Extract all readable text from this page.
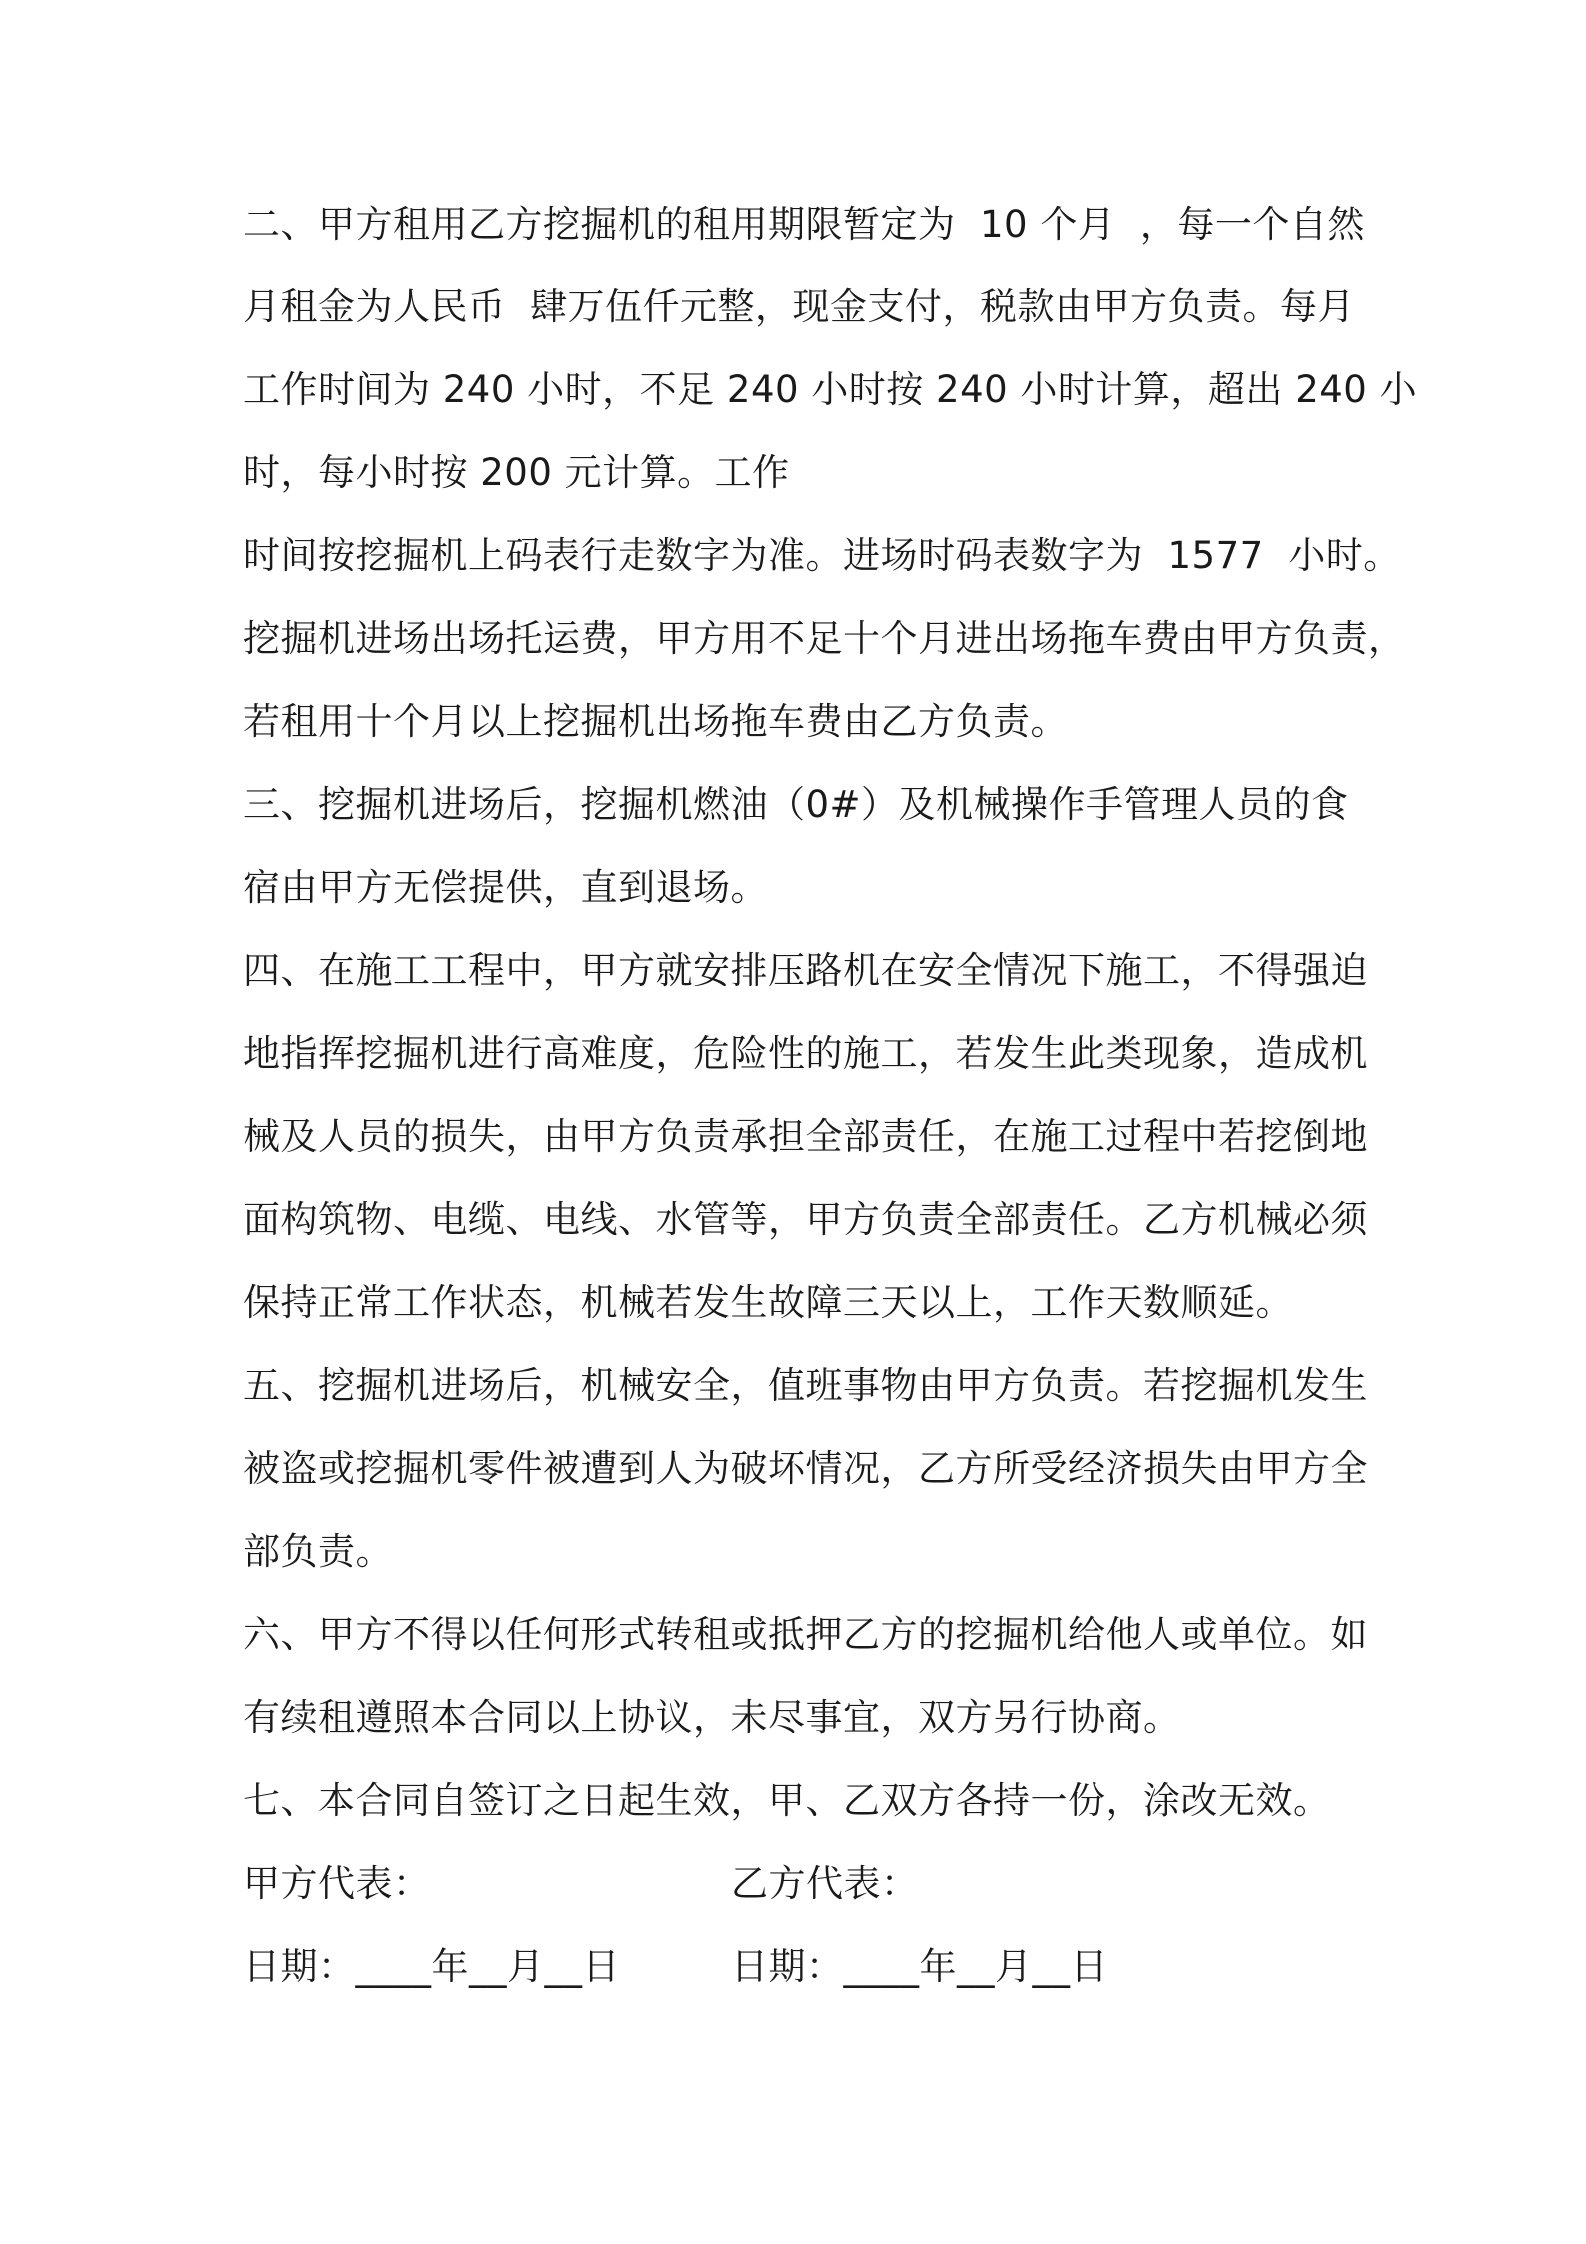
二、甲方租用乙方挖掘机的租用期限暂定为  10 个月  ，每一个自然
月租金为人民币  肆万伍仟元整，现金支付，税款由甲方负责。每月
工作时间为 240 小时，不足 240 小时按 240 小时计算，超出 240 小
时，每小时按 200 元计算。工作
时间按挖掘机上码表行走数字为准。进场时码表数字为  1577  小时。
挖掘机进场出场托运费，甲方用不足十个月进出场拖车费由甲方负责，
若租用十个月以上挖掘机出场拖车费由乙方负责。
三、挖掘机进场后，挖掘机燃油（0#）及机械操作手管理人员的食
宿由甲方无偿提供，直到退场。
四、在施工工程中，甲方就安排压路机在安全情况下施工，不得强迫
地指挥挖掘机进行高难度，危险性的施工，若发生此类现象，造成机
械及人员的损失，由甲方负责承担全部责任，在施工过程中若挖倒地
面构筑物、电缆、电线、水管等，甲方负责全部责任。乙方机械必须
保持正常工作状态，机械若发生故障三天以上，工作天数顺延。
五、挖掘机进场后，机械安全，值班事物由甲方负责。若挖掘机发生
被盗或挖掘机零件被遭到人为破坏情况，乙方所受经济损失由甲方全
部负责。
六、甲方不得以任何形式转租或抵押乙方的挖掘机给他人或单位。如
有续租遵照本合同以上协议，未尽事宜，双方另行协商。
七、本合同自签订之日起生效，甲、乙双方各持一份，涂改无效。
甲方代表：	乙方代表：
日期：____年__月__日	日期：____年__月__日
